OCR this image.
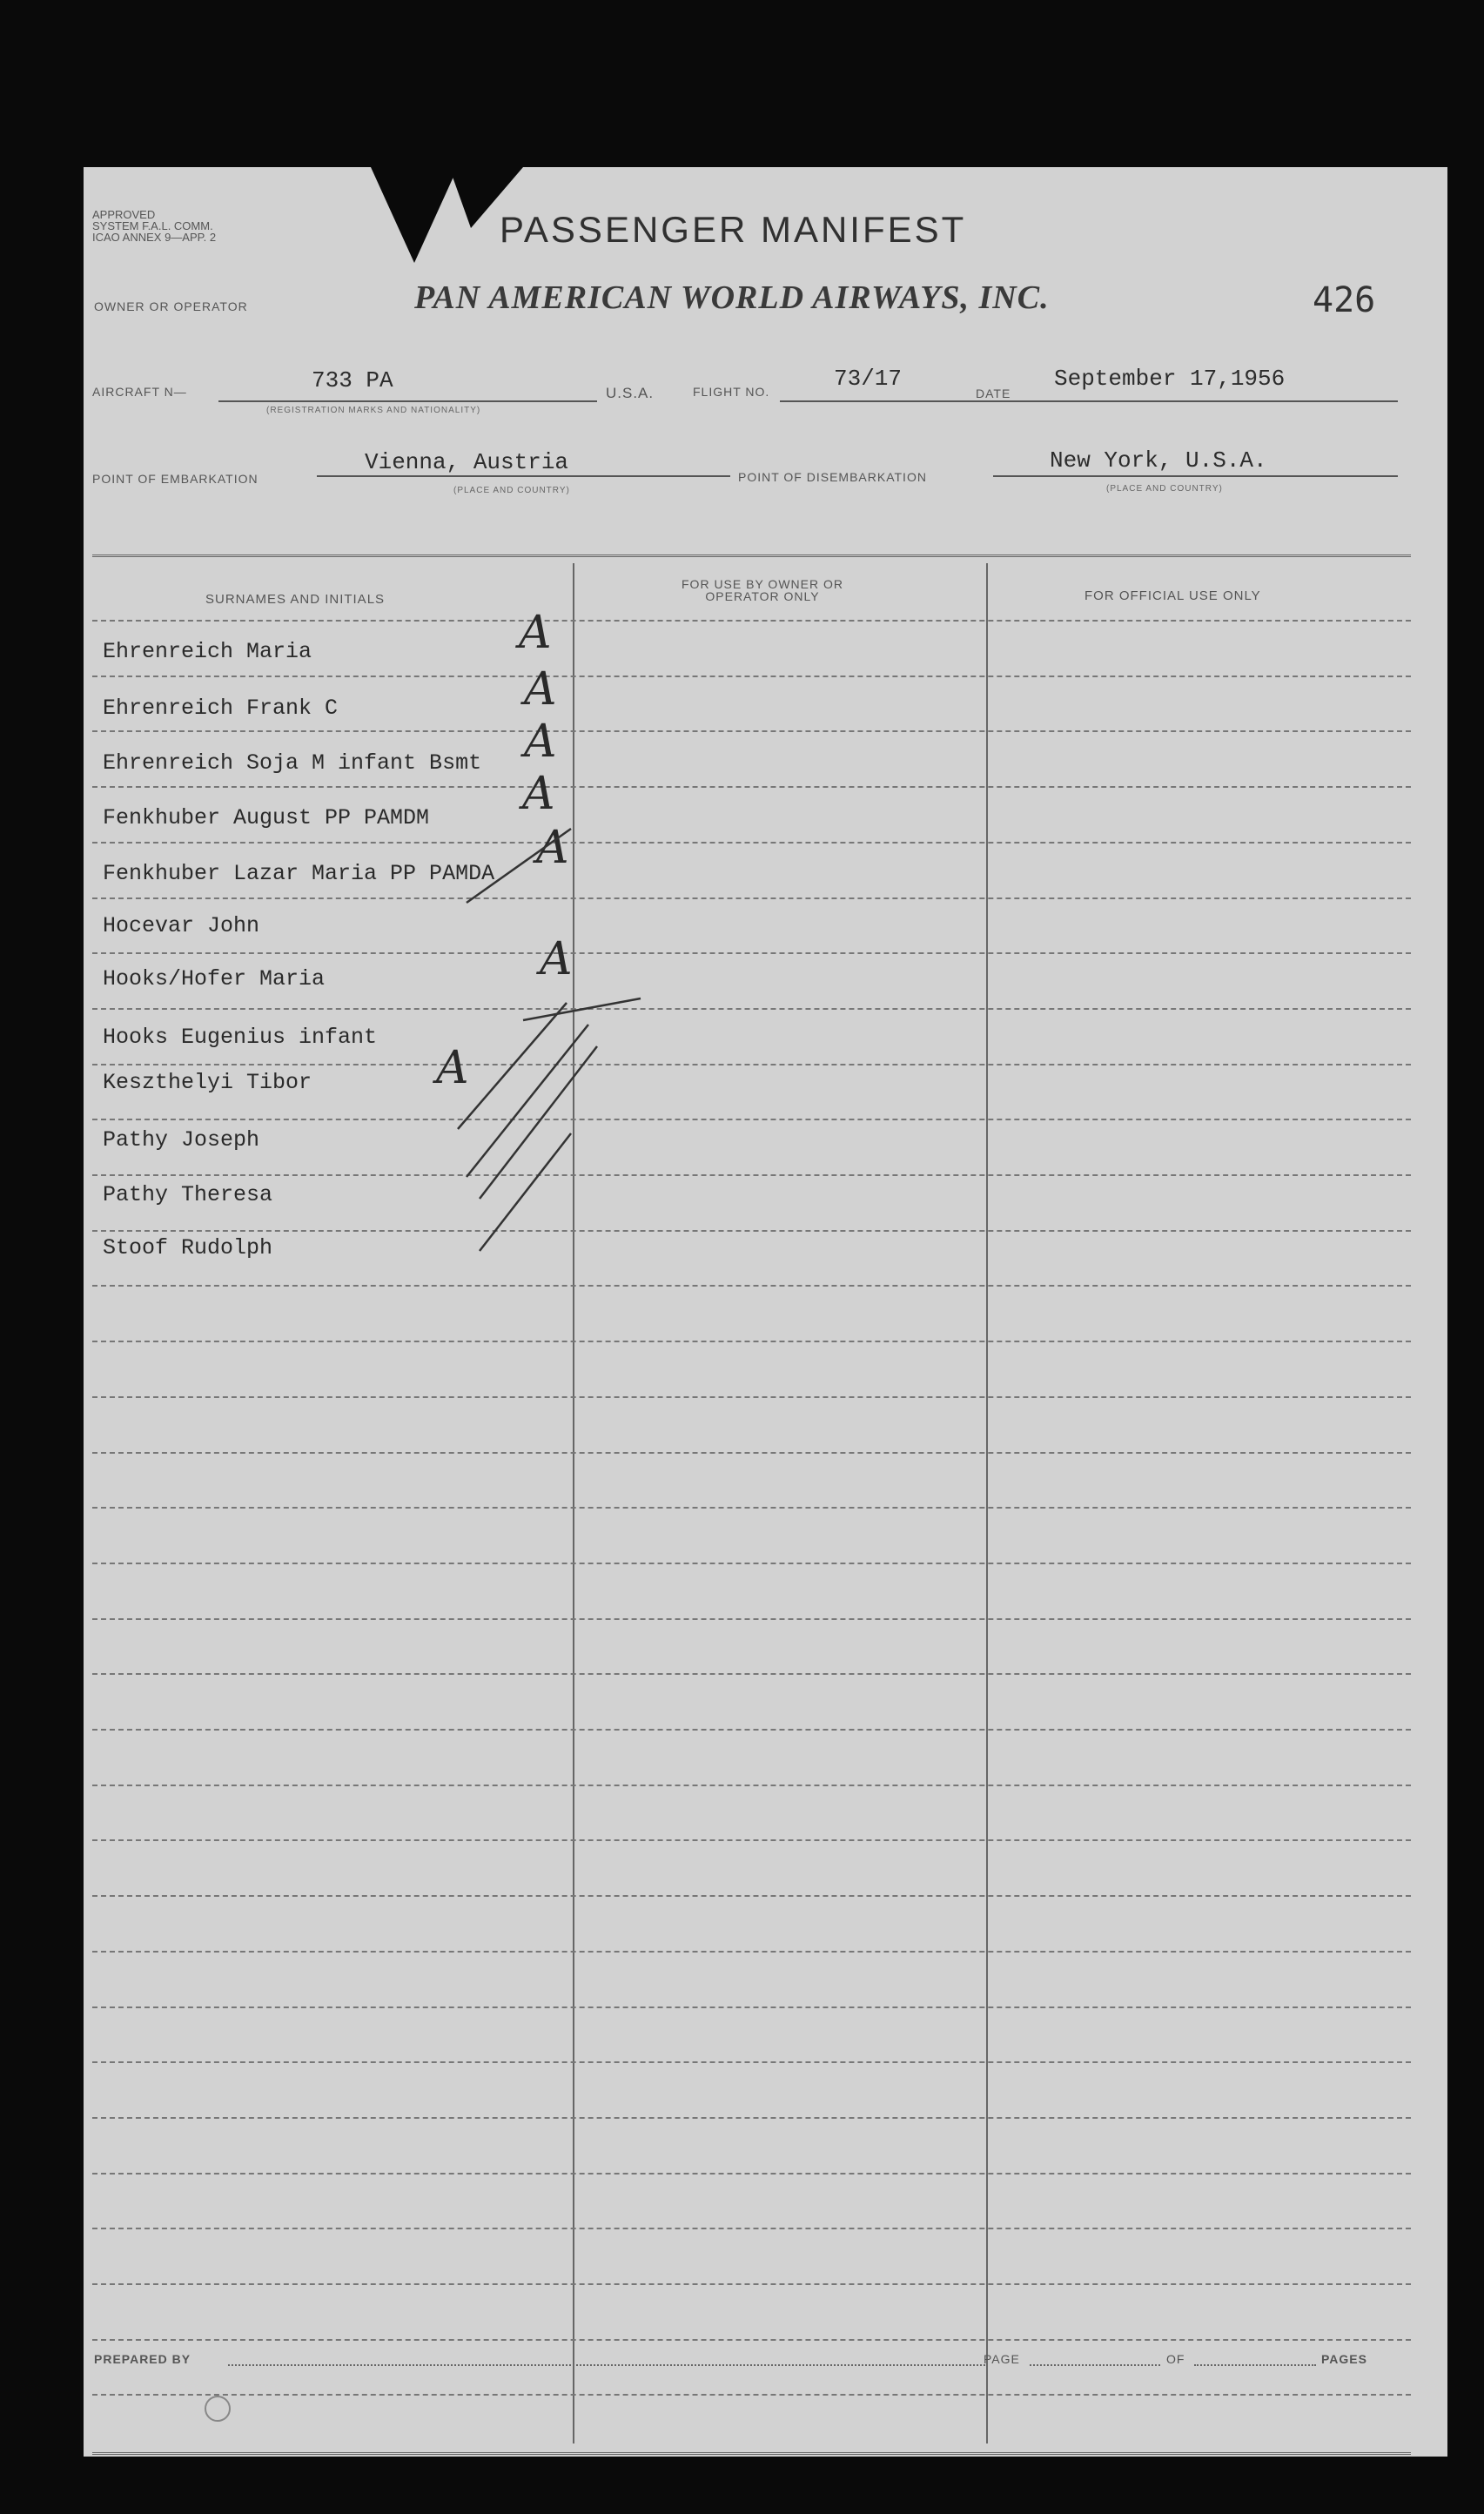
APPROVED
SYSTEM F.A.L. COMM.
ICAO ANNEX 9—APP. 2	PASSENGER MANIFEST
OWNER OR OPERATOR	PAN AMERICAN WORLD AIRWAYS, INC.	426
AIRCRAFT N—	733 PA
(REGISTRATION MARKS AND NATIONALITY)
U.S.A.	FLIGHT NO.	73/17
DATE
September 17,1956
POINT OF EMBARKATION
Vienna, Austria
(PLACE AND COUNTRY)
POINT OF DISEMBARKATION
New York, U.S.A.
(PLACE AND COUNTRY)
SURNAMES AND INITIALS
FOR USE BY OWNER OR OPERATOR ONLY	FOR OFFICIAL USE ONLY
Ehrenreich Maria
Ehrenreich Frank C
Ehrenreich Soja M infant Bsmt
Fenkhuber August PP PAMDM
Fenkhuber Lazar Maria PP PAMDA
Hocevar John
Hooks/Hofer Maria
Hooks Eugenius infant
Keszthelyi Tibor
Pathy Joseph
Pathy Theresa
Stoof Rudolph
A
A
A
A
A
A
A
PREPARED BY	PAGE	OF	PAGES
